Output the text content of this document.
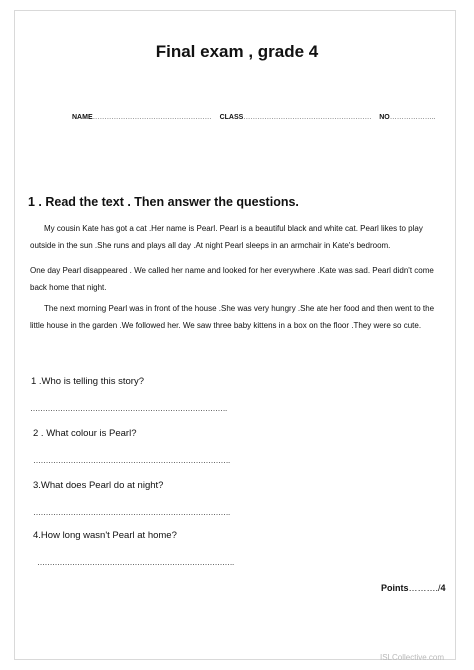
Final exam , grade 4
NAME…………………………………………… CLASS………………………………………………. NO………………..
1 . Read the text . Then answer the questions.
My cousin Kate has got a cat .Her name is Pearl. Pearl is a beautiful black and white cat. Pearl likes to play outside in the sun .She runs and plays all day .At night Pearl sleeps in an armchair in Kate's bedroom.
One day Pearl disappeared . We called her name and looked for her everywhere .Kate was sad. Pearl didn't come back home that night.
The next morning Pearl was in front of the house .She was very hungry .She ate her food and then went to the little house in the garden .We followed her. We saw three baby kittens in a box on the floor .They were so cute.
1 .Who is telling this story?
…………………………………………………………………….
2 . What colour is Pearl?
…………………………………………………………………….
3.What does Pearl do at night?
…………………………………………………………………….
4.How long wasn't Pearl at home?
…………………………………………………………………….
Points………./4
ISLCollective.com
